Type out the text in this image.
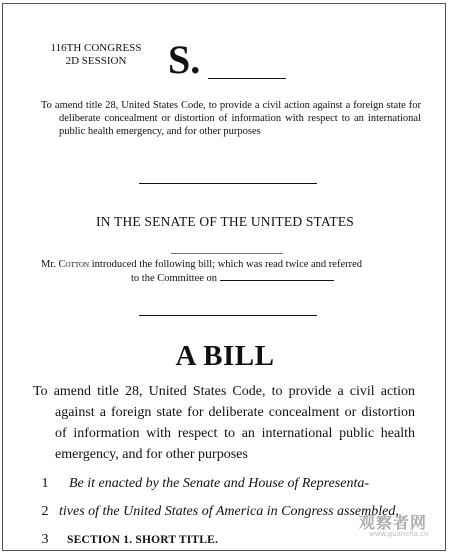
116TH CONGRESS
2D SESSION	S.
To amend title 28, United States Code, to provide a civil action against a foreign state for deliberate concealment or distortion of information with respect to an international public health emergency, and for other purposes
IN THE SENATE OF THE UNITED STATES
Mr. Cotton introduced the following bill; which was read twice and referred
to the Committee on
A BILL
To amend title 28, United States Code, to provide a civil action against a foreign state for deliberate concealment or distortion of information with respect to an international public health emergency, and for other purposes
1 Be it enacted by the Senate and House of Representa-
2 tives of the United States of America in Congress assembled,
3 SECTION 1. SHORT TITLE.
观察者网
www.guancha.cn
